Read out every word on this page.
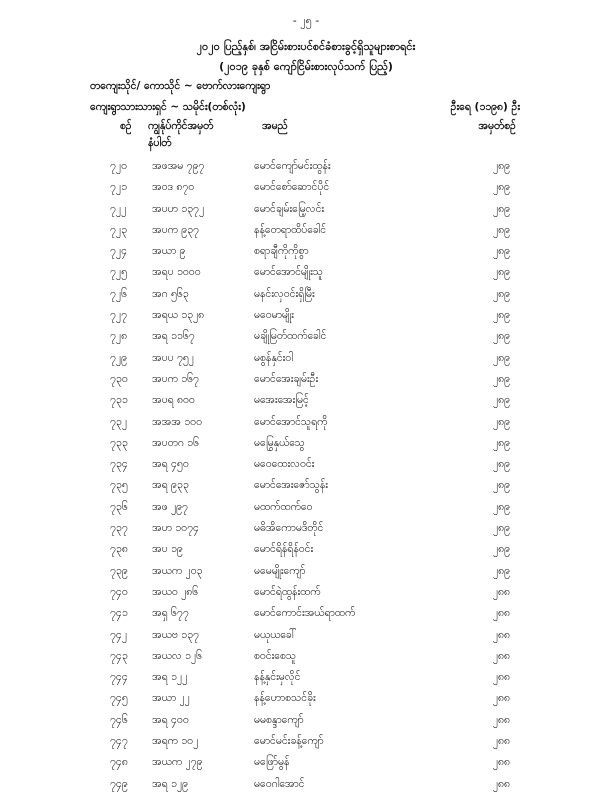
- ၂၅ -
၂၀၂၀ ပြည့်နှစ်၊ အငြိမ်းစားပင်စင်ခံစားခွင့်ရှိသူများစာရင်း
(၂၀၁၉ ခုနှစ် ကျော်ငြိမ်းစားလုပ်သက် ပြည့်)
တကျေးသိုင်/ ကောသိုင် ~ ဗောက်လားကျေးရွာ
ကျေးရွာသားသားရှင် ~ သမိုင်း(တစ်လုံး)	ဦးရေ (၁၁၉၈) ဦး
စဉ် ကျွန်ုပ်ကိုင်အမှတ်
နံပါတ်
အမည်	အမှတ်စဉ်
၇၂၀	အဖအမ ၇၉၇	မောင်ကျော်မင်းထွန်း	၂၈၉
၇၂၁	အဝဒ ၈၇၀	မောင်စော်ဆောင်ပိုင်	၂၈၉
၇၂၂	အပဟ ၁၃၇၂	မောင်ချမ်းမြေ့လင်း	၂၈၉
၇၂၃	အပက ၉၃၇	နန့်တေရာထိပ်ခေါင်	၂၈၉
၇၂၄	အယာ ၉	စရာချီကိုကိုစွာ	၂၈၉
၇၂၅	အရပ ၁၀၀၀	မောင်အောင်မျိုးသူ	၂၈၉
၇၂၆	အဂ ၅၆၃	မနင်းလှဝင်းရှိမြီး	၂၈၉
၇၂၇	အရယ ၁၃၂၈	မဝေမာမျိုး	၂၈၉
၇၂၈	အရ ၁၁၆၇	မချိုမြတ်ထက်ခေါင်	၂၈၉
၇၂၉	အပပ ၇၅၂	မစွန်နှင်းဝါ	၂၈၉
၇၃၀	အပက ၁၆၇	မောင်အေးချမ်းဦး	၂၈၉
၇၃၁	အပရ ၈၀၀	မအေးအေးမြင့်	၂၈၉
၇၃၂	အအအ ၁၀၀	မောင်အောင်သူရကို	၂၈၉
၇၃၃	အပတဂ ၁၆	မမြွေနှယ်သွေ	၂၈၉
၇၃၄	အရ ၄၅၀	မဝေထေးလဝင်း	၂၈၉
၇၃၅	အရ ၉၃၃	မောင်အေးဇော်သွန်း	၂၈၉
၇၃၆	အဖ ၂၉၇	မထက်ထက်ဝေ	၂၈၉
၇၃၇	အဟ ၁၀၇၄	မဓိအိကောမဒိတိုင်	၂၈၉
၇၃၈	အပ ၁၉	မောင်ရိန်ရိန်ဝင်း	၂၈၉
၇၃၉	အယက ၂၀၃	မမေမျိုးကျော်	၂၈၉
၇၄၀	အယဝ ၂၈၆	မောင်ရဲထွန်းထက်	၂၈၈
၇၄၁	အရှ ၆၇၇	မောင်ကောင်းအယ်ရာထက်	၂၈၈
၇၄၂	အယဗ ၁၃၇	မယုယခေါ်	၂၈၈
၇၄၃	အယလ ၁၂၆	စဝင်းစေသူ	၂၈၈
၇၄၄	အရ ၁၂၂	နန့်နှင်းမှလိုင်	၂၈၈
၇၄၅	အယာ ၂၂	နန့်ဟောစသင်ခိုး	၂၈၈
၇၄၆	အရ ၄၀၀	မမစန္ဒာကျော်	၂၈၈
၇၄၇	အရက ၁၀၂	မောင်မင်းခန့်ကျော်	၂၈၈
၇၄၈	အယက ၂၇၉	မဖြော်မွန်	၂၈၈
၇၄၉	အရ ၁၂၉	မဝေဂါအောင်	၂၈၈
